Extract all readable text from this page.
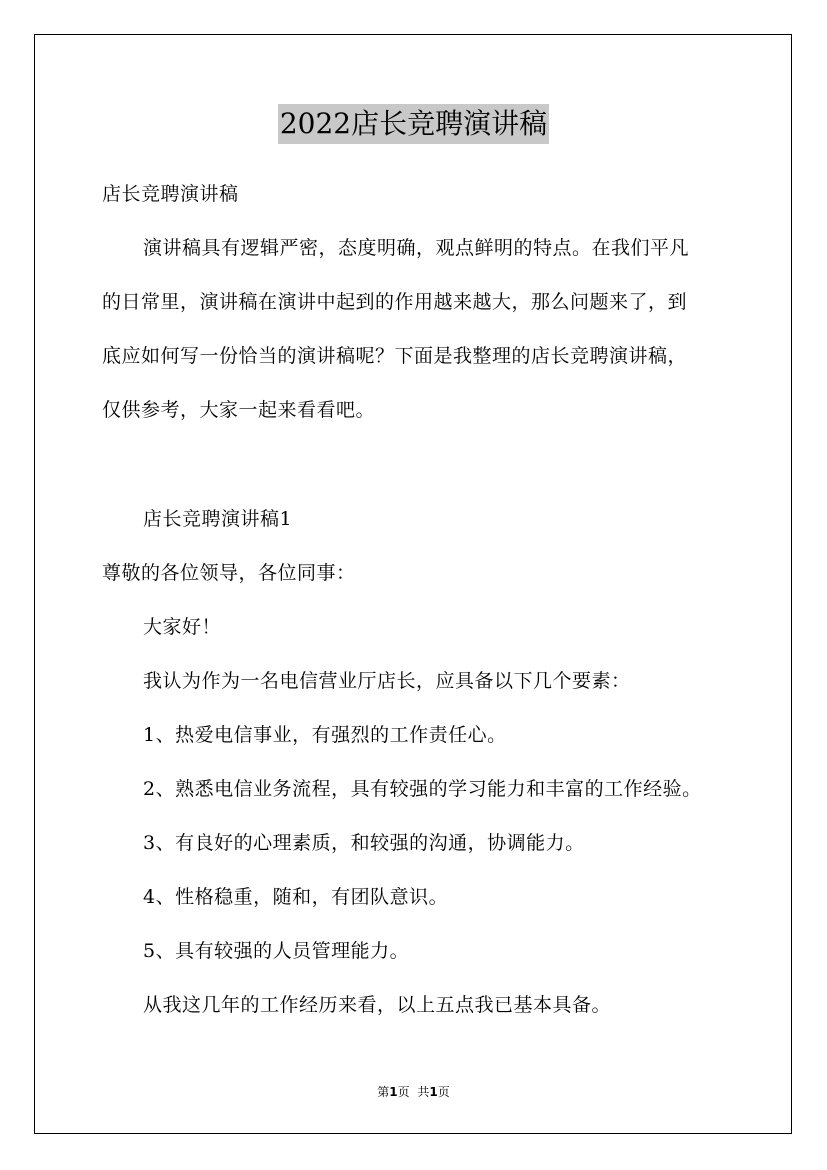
2022店长竞聘演讲稿
店长竞聘演讲稿
演讲稿具有逻辑严密，态度明确，观点鲜明的特点。在我们平凡
的日常里，演讲稿在演讲中起到的作用越来越大，那么问题来了，到
底应如何写一份恰当的演讲稿呢？下面是我整理的店长竞聘演讲稿，
仅供参考，大家一起来看看吧。
店长竞聘演讲稿1
尊敬的各位领导，各位同事：
大家好！
我认为作为一名电信营业厅店长，应具备以下几个要素：
1、热爱电信事业，有强烈的工作责任心。
2、熟悉电信业务流程，具有较强的学习能力和丰富的工作经验。
3、有良好的心理素质，和较强的沟通，协调能力。
4、性格稳重，随和，有团队意识。
5、具有较强的人员管理能力。
从我这几年的工作经历来看，以上五点我已基本具备。
第1页 共1页
